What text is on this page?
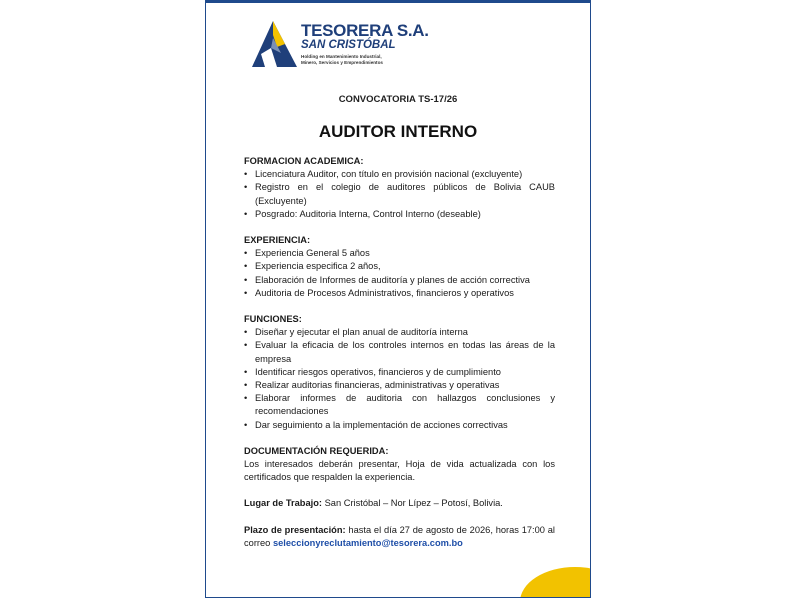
TESORERA S.A.
SAN CRISTÓBAL
Holding en Mantenimiento Industrial,
Minero, Servicios y Emprendimientos
CONVOCATORIA TS-17/26
AUDITOR INTERNO
FORMACION ACADEMICA:
• Licenciatura Auditor, con título en provisión nacional (excluyente)
• Registro en el colegio de auditores públicos de Bolivia CAUB (Excluyente)
• Posgrado: Auditoria Interna, Control Interno (deseable)
EXPERIENCIA:
• Experiencia General 5 años
• Experiencia especifica 2 años,
• Elaboración de Informes de auditoría y planes de acción correctiva
• Auditoria de Procesos Administrativos, financieros y operativos
FUNCIONES:
• Diseñar y ejecutar el plan anual de auditoría interna
• Evaluar la eficacia de los controles internos en todas las áreas de la empresa
• Identificar riesgos operativos, financieros y de cumplimiento
• Realizar auditorias financieras, administrativas y operativas
• Elaborar informes de auditoria con hallazgos conclusiones y recomendaciones
• Dar seguimiento a la implementación de acciones correctivas
DOCUMENTACIÓN REQUERIDA:

Los interesados deberán presentar, Hoja de vida actualizada con los certificados que respalden la experiencia.

Lugar de Trabajo: San Cristóbal – Nor Lípez – Potosí, Bolivia.

Plazo de presentación: hasta el día 27 de agosto de 2026, horas 17:00 al correo seleccionyreclutamiento@tesorera.com.bo
